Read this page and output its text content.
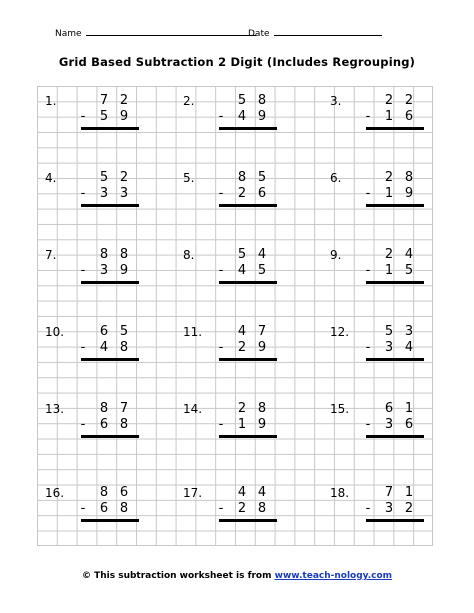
Name	Date
Grid Based Subtraction 2 Digit (Includes Regrouping)
1.	7 2
- 5 9
2.	5 8
- 4 9
3.	2 2
- 1 6
4.	5 2
- 3 3
5.	8 5
- 2 6
6.	2 8
- 1 9
7.	8 8
- 3 9
8.	5 4
- 4 5
9.	2 4
- 1 5
10.	6 5
- 4 8
11.	4 7
- 2 9
12.	5 3
- 3 4
13.	8 7
- 6 8
14.	2 8
- 1 9
15.	6 1
- 3 6
16.	8 6
- 6 8
17.	4 4
- 2 8
18.	7 1
- 3 2
© This subtraction worksheet is from www.teach-nology.com
